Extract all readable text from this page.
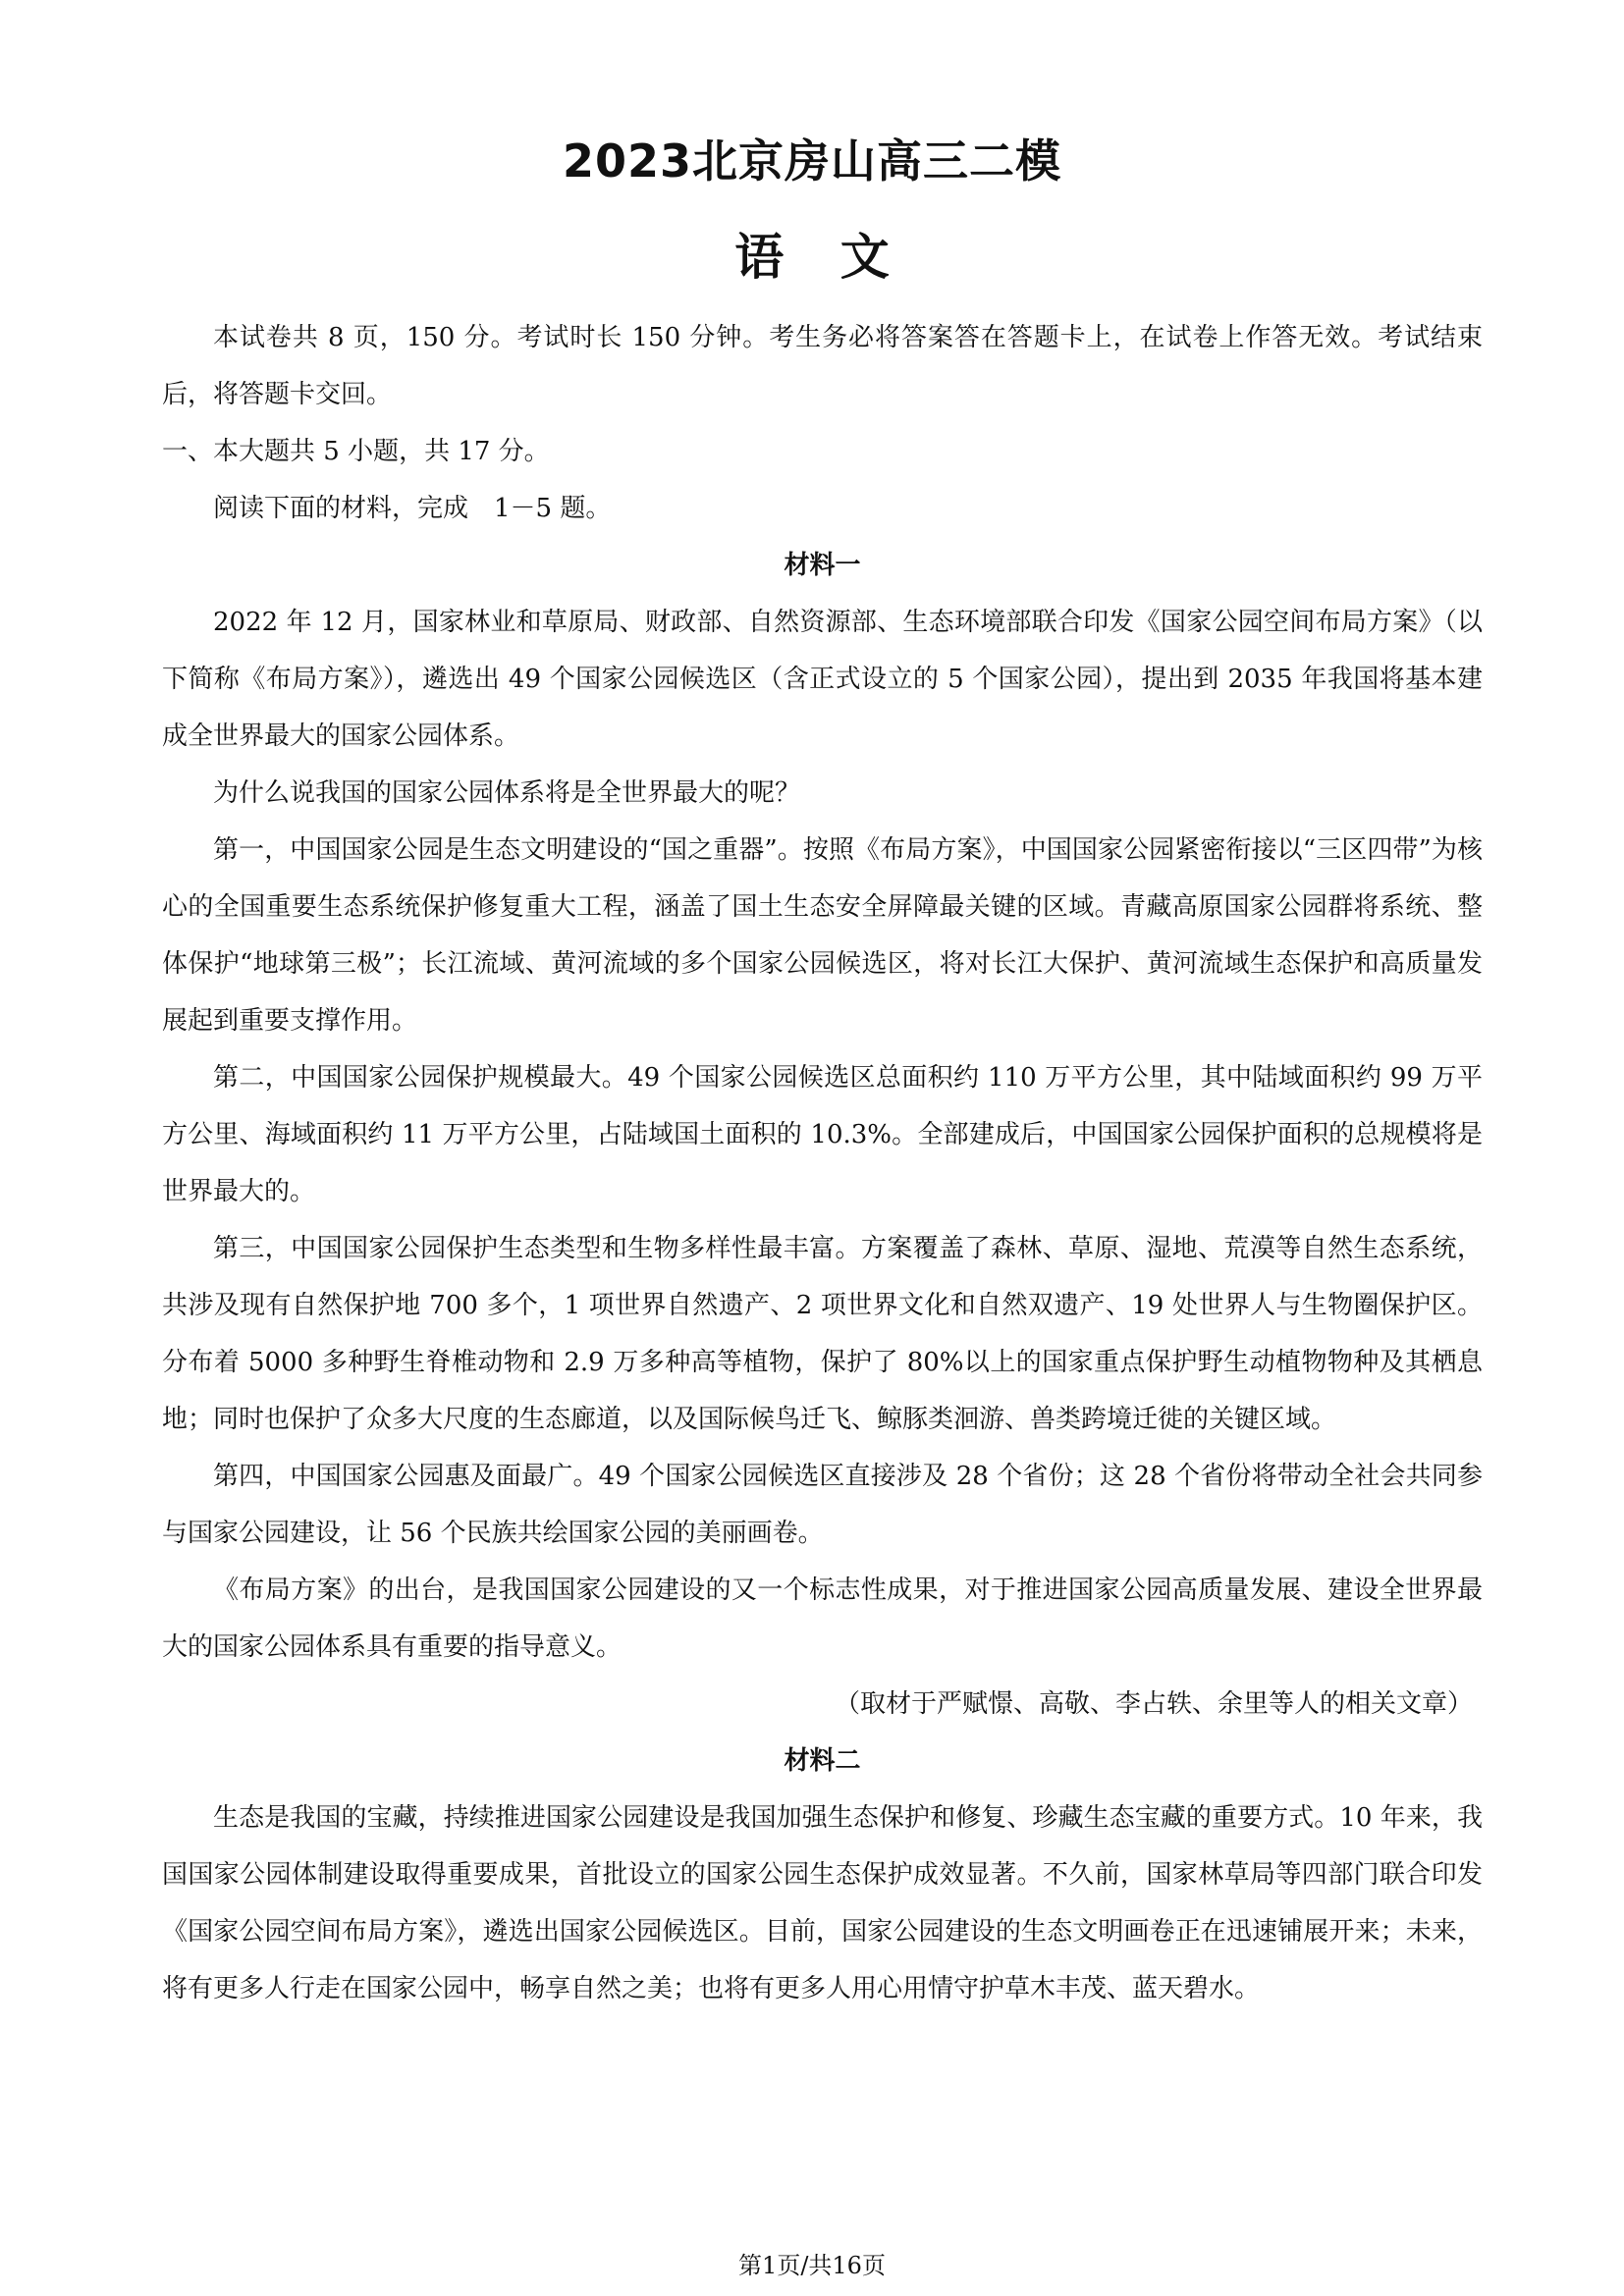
2023北京房山高三二模
语 文

本试卷共 8 页，150 分。考试时长 150 分钟。考生务必将答案答在答题卡上，在试卷上作答无效。考试结束后，将答题卡交回。

一、本大题共 5 小题，共 17 分。

阅读下面的材料，完成　1－5 题。

材料一

2022 年 12 月，国家林业和草原局、财政部、自然资源部、生态环境部联合印发《国家公园空间布局方案》（以下简称《布局方案》），遴选出 49 个国家公园候选区（含正式设立的 5 个国家公园），提出到 2035 年我国将基本建成全世界最大的国家公园体系。

为什么说我国的国家公园体系将是全世界最大的呢？

第一，中国国家公园是生态文明建设的“国之重器”。按照《布局方案》，中国国家公园紧密衔接以“三区四带”为核心的全国重要生态系统保护修复重大工程，涵盖了国土生态安全屏障最关键的区域。青藏高原国家公园群将系统、整体保护“地球第三极”；长江流域、黄河流域的多个国家公园候选区，将对长江大保护、黄河流域生态保护和高质量发展起到重要支撑作用。

第二，中国国家公园保护规模最大。49 个国家公园候选区总面积约 110 万平方公里，其中陆域面积约 99 万平方公里、海域面积约 11 万平方公里，占陆域国土面积的 10.3%。全部建成后，中国国家公园保护面积的总规模将是世界最大的。

第三，中国国家公园保护生态类型和生物多样性最丰富。方案覆盖了森林、草原、湿地、荒漠等自然生态系统，共涉及现有自然保护地 700 多个，1 项世界自然遗产、2 项世界文化和自然双遗产、19 处世界人与生物圈保护区。分布着 5000 多种野生脊椎动物和 2.9 万多种高等植物，保护了 80%以上的国家重点保护野生动植物物种及其栖息地；同时也保护了众多大尺度的生态廊道，以及国际候鸟迁飞、鲸豚类洄游、兽类跨境迁徙的关键区域。

第四，中国国家公园惠及面最广。49 个国家公园候选区直接涉及 28 个省份；这 28 个省份将带动全社会共同参与国家公园建设，让 56 个民族共绘国家公园的美丽画卷。

《布局方案》的出台，是我国国家公园建设的又一个标志性成果，对于推进国家公园高质量发展、建设全世界最大的国家公园体系具有重要的指导意义。

（取材于严赋憬、高敬、李占轶、余里等人的相关文章）

材料二

生态是我国的宝藏，持续推进国家公园建设是我国加强生态保护和修复、珍藏生态宝藏的重要方式。10 年来，我国国家公园体制建设取得重要成果，首批设立的国家公园生态保护成效显著。不久前，国家林草局等四部门联合印发《国家公园空间布局方案》，遴选出国家公园候选区。目前，国家公园建设的生态文明画卷正在迅速铺展开来；未来，将有更多人行走在国家公园中，畅享自然之美；也将有更多人用心用情守护草木丰茂、蓝天碧水。

第1页/共16页
